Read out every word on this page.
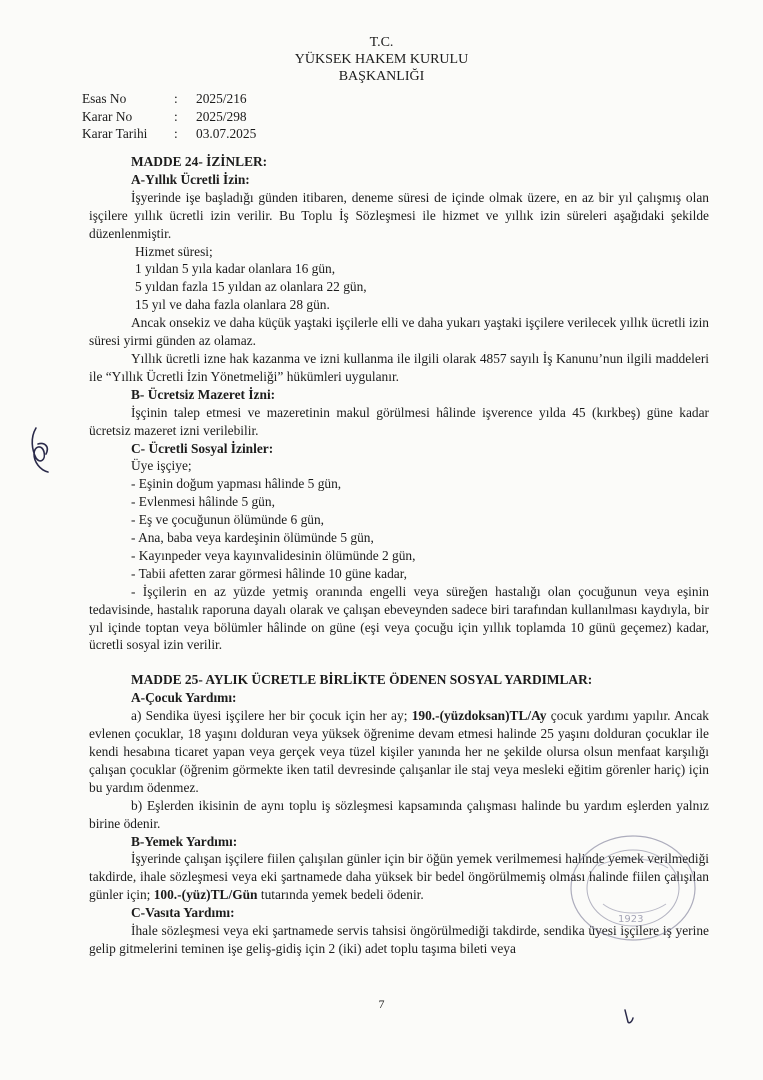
T.C.
YÜKSEK HAKEM KURULU
BAŞKANLIĞI
Esas No	:	2025/216
Karar No	:	2025/298
Karar Tarihi	:	03.07.2025

MADDE 24- İZİNLER:

A-Yıllık Ücretli İzin:

İşyerinde işe başladığı günden itibaren, deneme süresi de içinde olmak üzere, en az bir yıl çalışmış olan işçilere yıllık ücretli izin verilir. Bu Toplu İş Sözleşmesi ile hizmet ve yıllık izin süreleri aşağıdaki şekilde düzenlenmiştir.

Hizmet süresi;

1 yıldan 5 yıla kadar olanlara 16 gün,

5 yıldan fazla 15 yıldan az olanlara 22 gün,

15 yıl ve daha fazla olanlara 28 gün.

Ancak onsekiz ve daha küçük yaştaki işçilerle elli ve daha yukarı yaştaki işçilere verilecek yıllık ücretli izin süresi yirmi günden az olamaz.

Yıllık ücretli izne hak kazanma ve izni kullanma ile ilgili olarak 4857 sayılı İş Kanunu’nun ilgili maddeleri ile “Yıllık Ücretli İzin Yönetmeliği” hükümleri uygulanır.

B- Ücretsiz Mazeret İzni:

İşçinin talep etmesi ve mazeretinin makul görülmesi hâlinde işverence yılda 45 (kırkbeş) güne kadar ücretsiz mazeret izni verilebilir.

C- Ücretli Sosyal İzinler:

Üye işçiye;

- Eşinin doğum yapması hâlinde 5 gün,

- Evlenmesi hâlinde 5 gün,

- Eş ve çocuğunun ölümünde 6 gün,

- Ana, baba veya kardeşinin ölümünde 5 gün,

- Kayınpeder veya kayınvalidesinin ölümünde 2 gün,

- Tabii afetten zarar görmesi hâlinde 10 güne kadar,

- İşçilerin en az yüzde yetmiş oranında engelli veya süreğen hastalığı olan çocuğunun veya eşinin tedavisinde, hastalık raporuna dayalı olarak ve çalışan ebeveynden sadece biri tarafından kullanılması kaydıyla, bir yıl içinde toptan veya bölümler hâlinde on güne (eşi veya çocuğu için yıllık toplamda 10 günü geçemez) kadar, ücretli sosyal izin verilir.

MADDE 25- AYLIK ÜCRETLE BİRLİKTE ÖDENEN SOSYAL YARDIMLAR:

A-Çocuk Yardımı:

a) Sendika üyesi işçilere her bir çocuk için her ay; 190.-(yüzdoksan)TL/Ay çocuk yardımı yapılır. Ancak evlenen çocuklar, 18 yaşını dolduran veya yüksek öğrenime devam etmesi halinde 25 yaşını dolduran çocuklar ile kendi hesabına ticaret yapan veya gerçek veya tüzel kişiler yanında her ne şekilde olursa olsun menfaat karşılığı çalışan çocuklar (öğrenim görmekte iken tatil devresinde çalışanlar ile staj veya mesleki eğitim görenler hariç) için bu yardım ödenmez.

b) Eşlerden ikisinin de aynı toplu iş sözleşmesi kapsamında çalışması halinde bu yardım eşlerden yalnız birine ödenir.

B-Yemek Yardımı:

İşyerinde çalışan işçilere fiilen çalışılan günler için bir öğün yemek verilmemesi halinde yemek verilmediği takdirde, ihale sözleşmesi veya eki şartnamede daha yüksek bir bedel öngörülmemiş olması halinde fiilen çalışılan günler için; 100.-(yüz)TL/Gün tutarında yemek bedeli ödenir.

C-Vasıta Yardımı:

İhale sözleşmesi veya eki şartnamede servis tahsisi öngörülmediği takdirde, sendika üyesi işçilere iş yerine gelip gitmelerini teminen işe geliş-gidiş için 2 (iki) adet toplu taşıma bileti veya

7
1923
